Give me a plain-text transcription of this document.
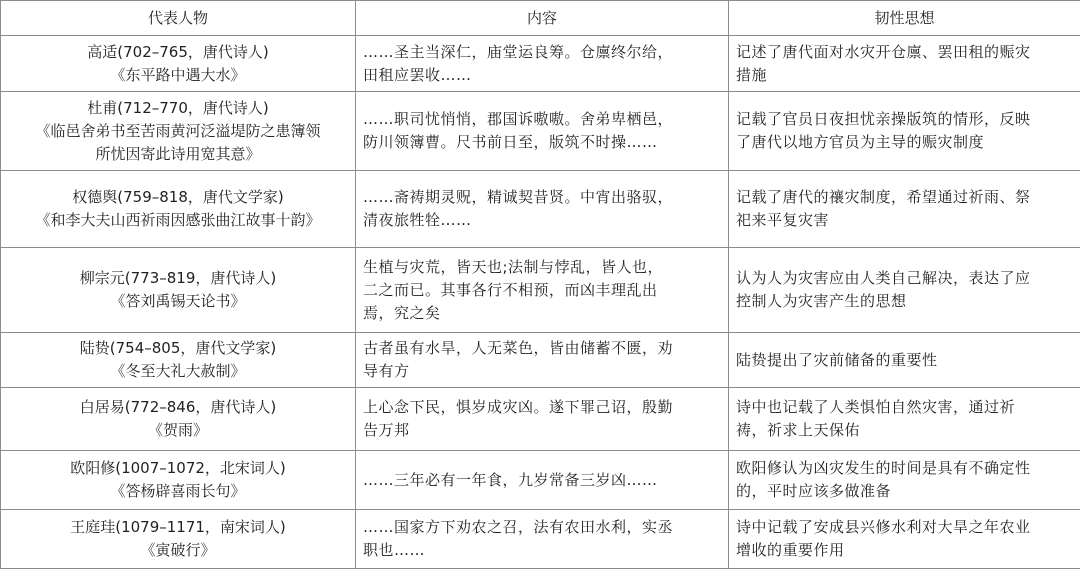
代表人物	内容	韧性思想

高适(702–765，唐代诗人)
《东平路中遇大水》	……圣主当深仁，庙堂运良筹。仓廪终尔给，
田租应罢收……	记述了唐代面对水灾开仓廪、罢田租的赈灾
措施

杜甫(712–770，唐代诗人)
《临邑舍弟书至苦雨黄河泛溢堤防之患簿领
所忧因寄此诗用宽其意》	……职司忧悄悄，郡国诉嗷嗷。舍弟卑栖邑，
防川领簿曹。尺书前日至，版筑不时操……	记载了官员日夜担忧亲操版筑的情形，反映
了唐代以地方官员为主导的赈灾制度

权德舆(759–818，唐代文学家)
《和李大夫山西祈雨因感张曲江故事十韵》	……斋祷期灵贶，精诚契昔贤。中宵出骆驭，
清夜旅牲牷……	记载了唐代的禳灾制度，希望通过祈雨、祭
祀来平复灾害

柳宗元(773–819，唐代诗人)
《答刘禹锡天论书》	生植与灾荒，皆天也;法制与悖乱，皆人也，
二之而已。其事各行不相预，而凶丰理乱出
焉，究之矣	认为人为灾害应由人类自己解决，表达了应
控制人为灾害产生的思想

陆贽(754–805，唐代文学家)
《冬至大礼大赦制》	古者虽有水旱，人无菜色，皆由储蓄不匮，劝
导有方	陆贽提出了灾前储备的重要性

白居易(772–846，唐代诗人)
《贺雨》	上心念下民，惧岁成灾凶。遂下罪己诏，殷勤
告万邦	诗中也记载了人类惧怕自然灾害，通过祈
祷，祈求上天保佑

欧阳修(1007–1072，北宋词人)
《答杨辟喜雨长句》	……三年必有一年食，九岁常备三岁凶……	欧阳修认为凶灾发生的时间是具有不确定性
的，平时应该多做准备

王庭珪(1079–1171，南宋词人)
《寅破行》	……国家方下劝农之召，法有农田水利，实丞
职也……	诗中记载了安成县兴修水利对大旱之年农业
增收的重要作用
